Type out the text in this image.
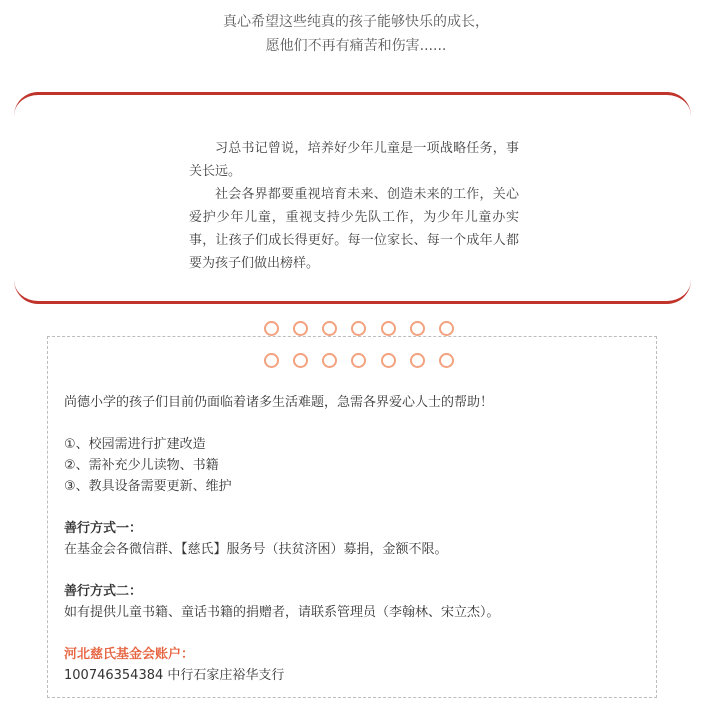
真心希望这些纯真的孩子能够快乐的成长，
愿他们不再有痛苦和伤害......

习总书记曾说，培养好少年儿童是一项战略任务，事关长远。

社会各界都要重视培育未来、创造未来的工作，关心爱护少年儿童，重视支持少先队工作，为少年儿童办实事，让孩子们成长得更好。每一位家长、每一个成年人都要为孩子们做出榜样。

尚德小学的孩子们目前仍面临着诸多生活难题，急需各界爱心人士的帮助！

①、校园需进行扩建改造

②、需补充少儿读物、书籍

③、教具设备需要更新、维护

善行方式一：

在基金会各微信群、【慈氏】服务号（扶贫济困）募捐，金额不限。

善行方式二：

如有提供儿童书籍、童话书籍的捐赠者，请联系管理员（李翰林、宋立杰）。

河北慈氏基金会账户：

100746354384 中行石家庄裕华支行
